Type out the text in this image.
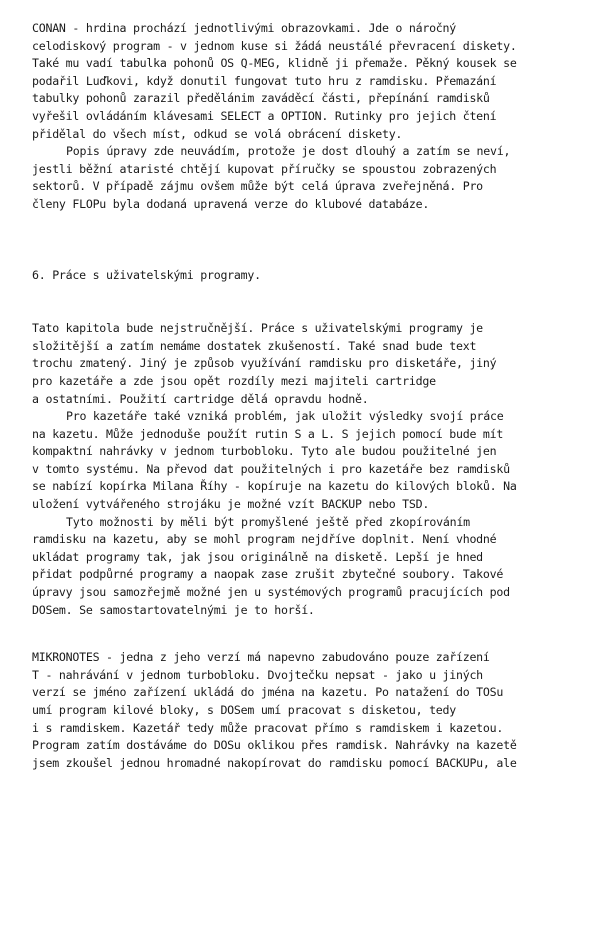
CONAN - hrdina prochází jednotlivými obrazovkami. Jde o náročný
celodiskový program - v jednom kuse si žádá neustálé převracení diskety.
Také mu vadí tabulka pohonů OS Q-MEG, klidně ji přemaže. Pěkný kousek se
podařil Luďkovi, když donutil fungovat tuto hru z ramdisku. Přemazání
tabulky pohonů zarazil předělánim zaváděcí části, přepínání ramdisků
vyřešil ovládáním klávesami SELECT a OPTION. Rutinky pro jejich čtení
přidělal do všech míst, odkud se volá obrácení diskety.
Popis úpravy zde neuvádím, protože je dost dlouhý a zatím se neví,
jestli běžní ataristé chtějí kupovat příručky se spoustou zobrazených
sektorů. V případě zájmu ovšem může být celá úprava zveřejněná. Pro
členy FLOPu byla dodaná upravená verze do klubové databáze.
6. Práce s uživatelskými programy.
Tato kapitola bude nejstručnější. Práce s uživatelskými programy je
složitější a zatím nemáme dostatek zkušeností. Také snad bude text
trochu zmatený. Jiný je způsob využívání ramdisku pro disketáře, jiný
pro kazetáře a zde jsou opět rozdíly mezi majiteli cartridge
a ostatními. Použití cartridge dělá opravdu hodně.
Pro kazetáře také vzniká problém, jak uložit výsledky svojí práce
na kazetu. Může jednoduše použít rutin S a L. S jejich pomocí bude mít
kompaktní nahrávky v jednom turbobloku. Tyto ale budou použitelné jen
v tomto systému. Na převod dat použitelných i pro kazetáře bez ramdisků
se nabízí kopírka Milana Říhy - kopíruje na kazetu do kilových bloků. Na
uložení vytvářeného strojáku je možné vzít BACKUP nebo TSD.
Tyto možnosti by měli být promyšlené ještě před zkopírováním
ramdisku na kazetu, aby se mohl program nejdříve doplnit. Není vhodné
ukládat programy tak, jak jsou originálně na disketě. Lepší je hned
přidat podpůrné programy a naopak zase zrušit zbytečné soubory. Takové
úpravy jsou samozřejmě možné jen u systémových programů pracujících pod
DOSem. Se samostartovatelnými je to horší.
MIKRONOTES - jedna z jeho verzí má napevno zabudováno pouze zařízení
T - nahrávání v jednom turbobloku. Dvojtečku nepsat - jako u jiných
verzí se jméno zařízení ukládá do jména na kazetu. Po natažení do TOSu
umí program kilové bloky, s DOSem umí pracovat s disketou, tedy
i s ramdiskem. Kazetář tedy může pracovat přímo s ramdiskem i kazetou.
Program zatím dostáváme do DOSu oklikou přes ramdisk. Nahrávky na kazetě
jsem zkoušel jednou hromadné nakopírovat do ramdisku pomocí BACKUPu, ale
